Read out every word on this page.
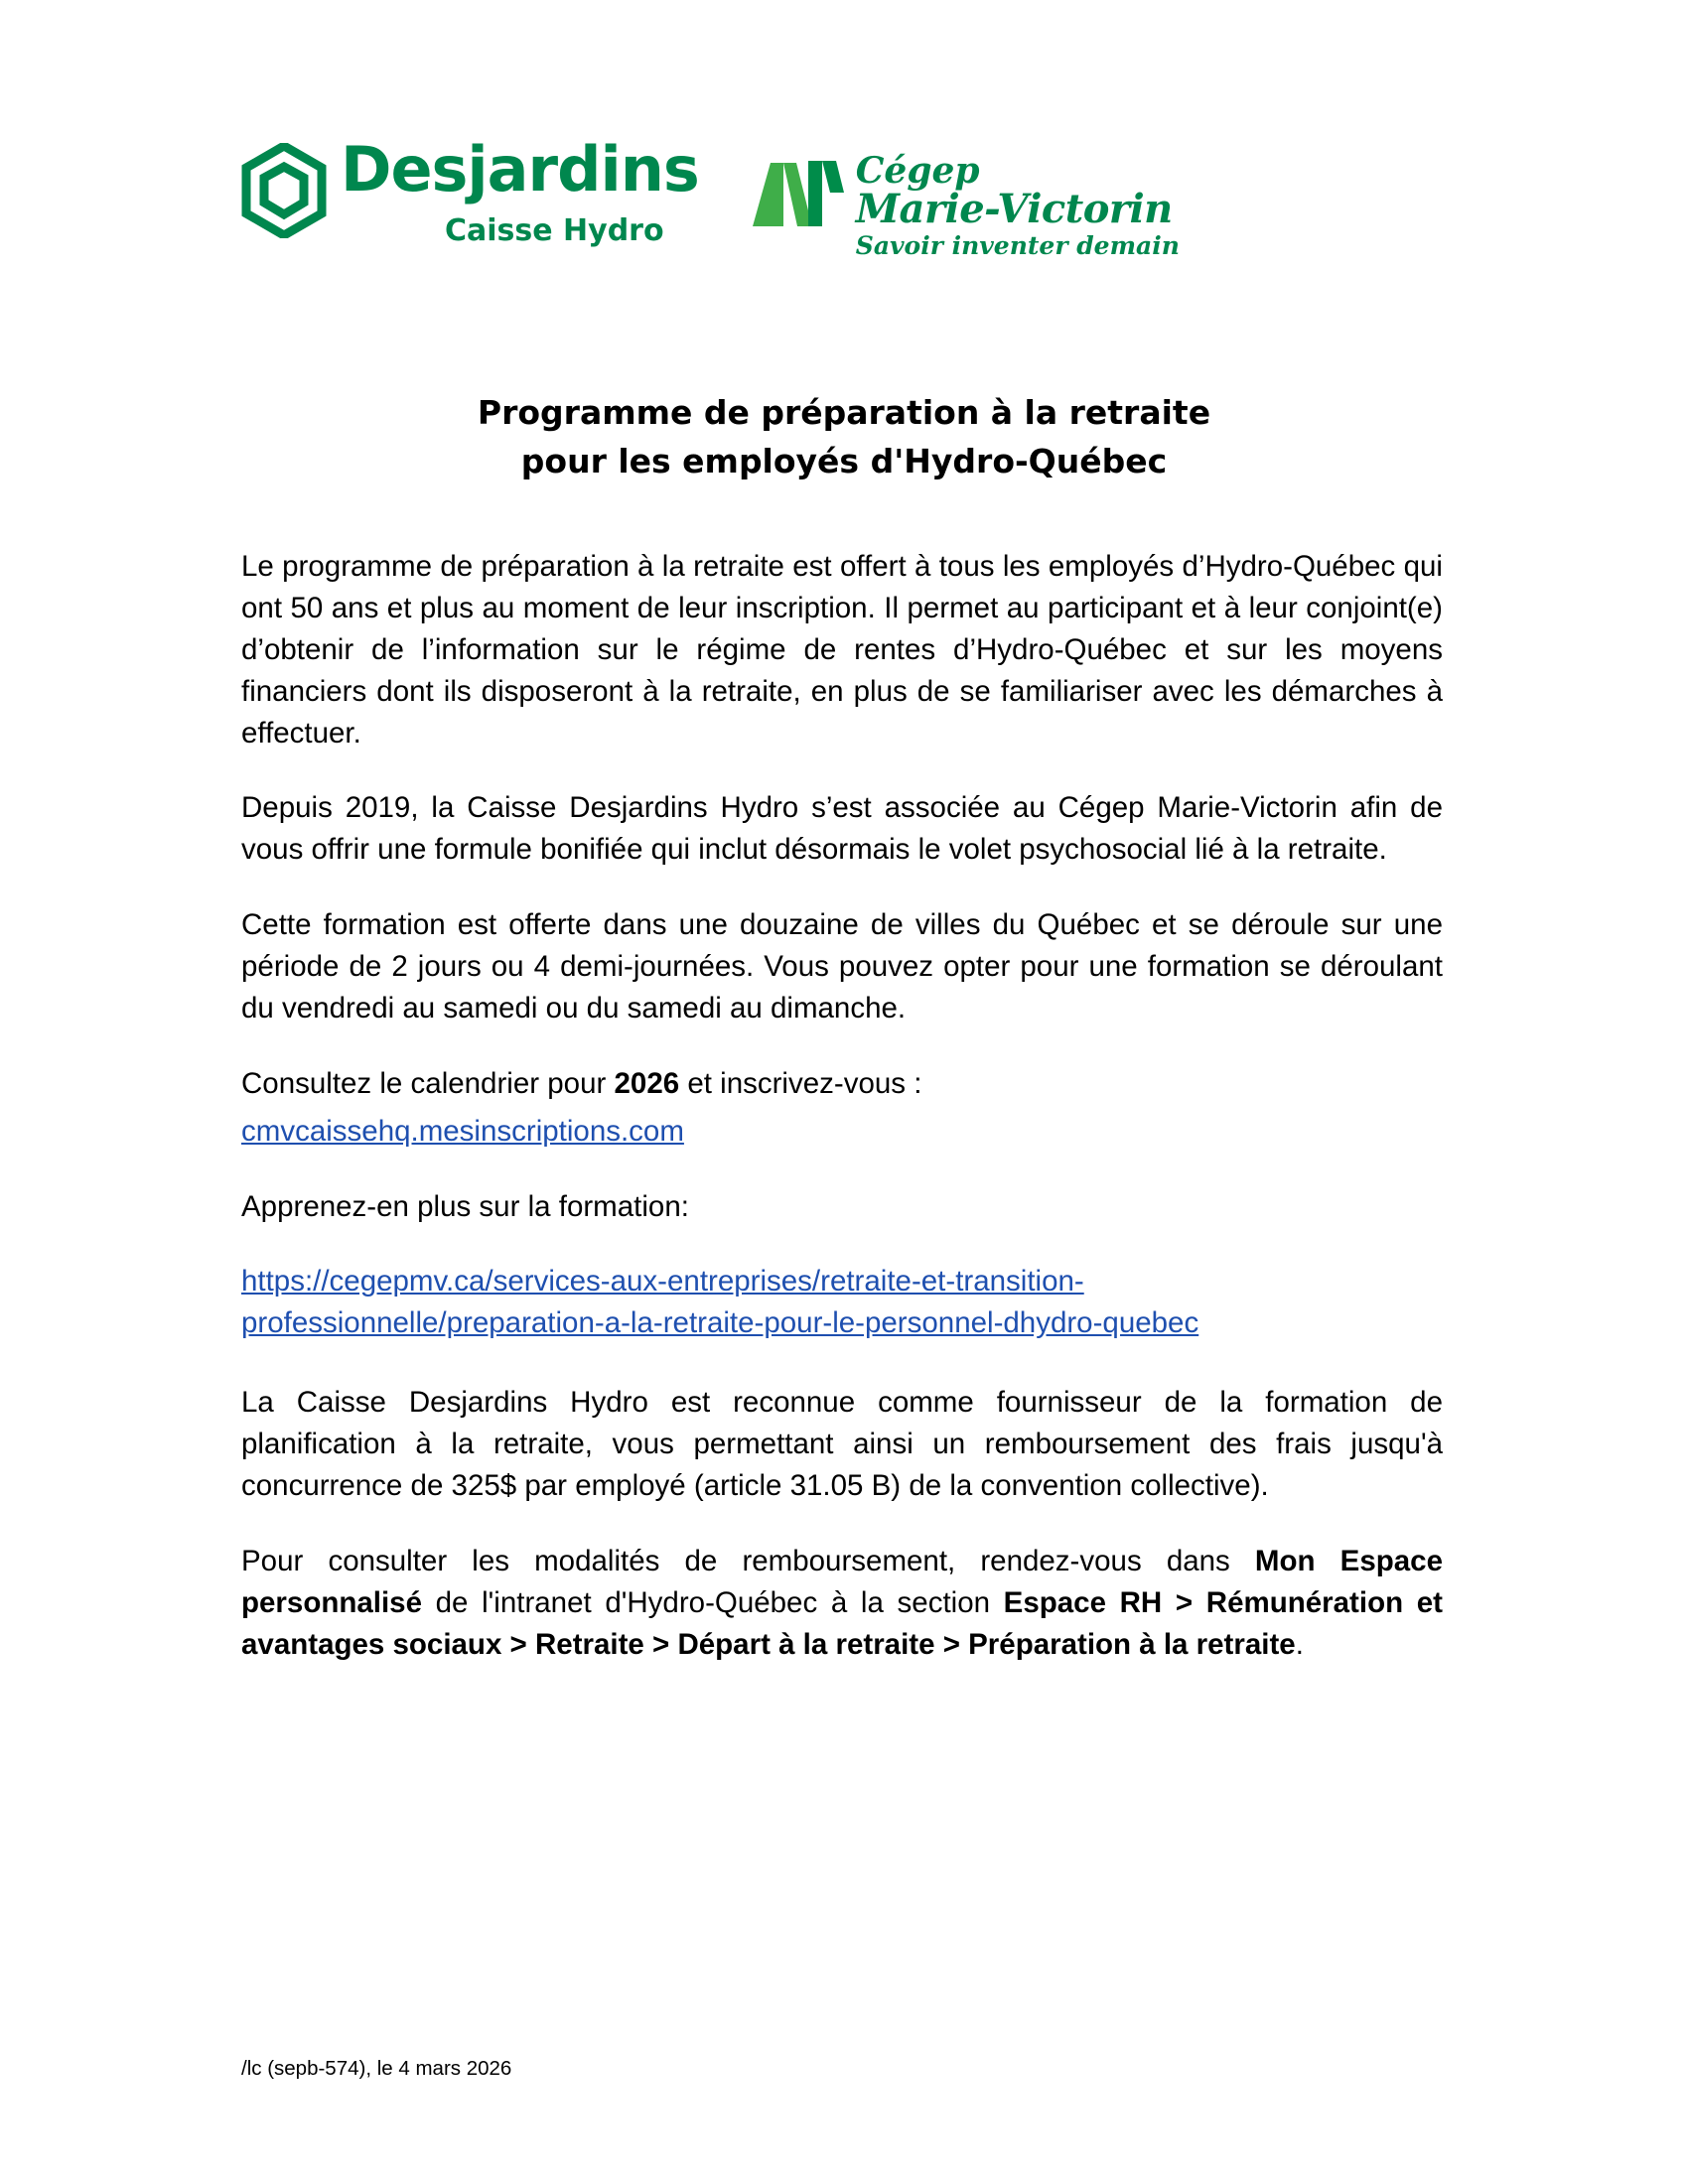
Desjardins
Caisse Hydro
Cégep
Marie-Victorin
Savoir inventer demain
Programme de préparation à la retraite
pour les employés d'Hydro-Québec

Le programme de préparation à la retraite est offert à tous les employés d’Hydro-Québec qui ont 50 ans et plus au moment de leur inscription. Il permet au participant et à leur conjoint(e) d’obtenir de l’information sur le régime de rentes d’Hydro-Québec et sur les moyens financiers dont ils disposeront à la retraite, en plus de se familiariser avec les démarches à effectuer.

Depuis 2019, la Caisse Desjardins Hydro s’est associée au Cégep Marie-Victorin afin de vous offrir une formule bonifiée qui inclut désormais le volet psychosocial lié à la retraite.

Cette formation est offerte dans une douzaine de villes du Québec et se déroule sur une période de 2 jours ou 4 demi-journées. Vous pouvez opter pour une formation se déroulant du vendredi au samedi ou du samedi au dimanche.

Consultez le calendrier pour 2026 et inscrivez-vous :

cmvcaissehq.mesinscriptions.com

Apprenez-en plus sur la formation:

https://cegepmv.ca/services-aux-entreprises/retraite-et-transition-
professionnelle/preparation-a-la-retraite-pour-le-personnel-dhydro-quebec

La Caisse Desjardins Hydro est reconnue comme fournisseur de la formation de planification à la retraite, vous permettant ainsi un remboursement des frais jusqu'à concurrence de 325$ par employé (article 31.05 B) de la convention collective).

Pour consulter les modalités de remboursement, rendez-vous dans Mon Espace personnalisé de l'intranet d'Hydro-Québec à la section Espace RH > Rémunération et avantages sociaux > Retraite > Départ à la retraite > Préparation à la retraite.

/lc (sepb-574), le 4 mars 2026
